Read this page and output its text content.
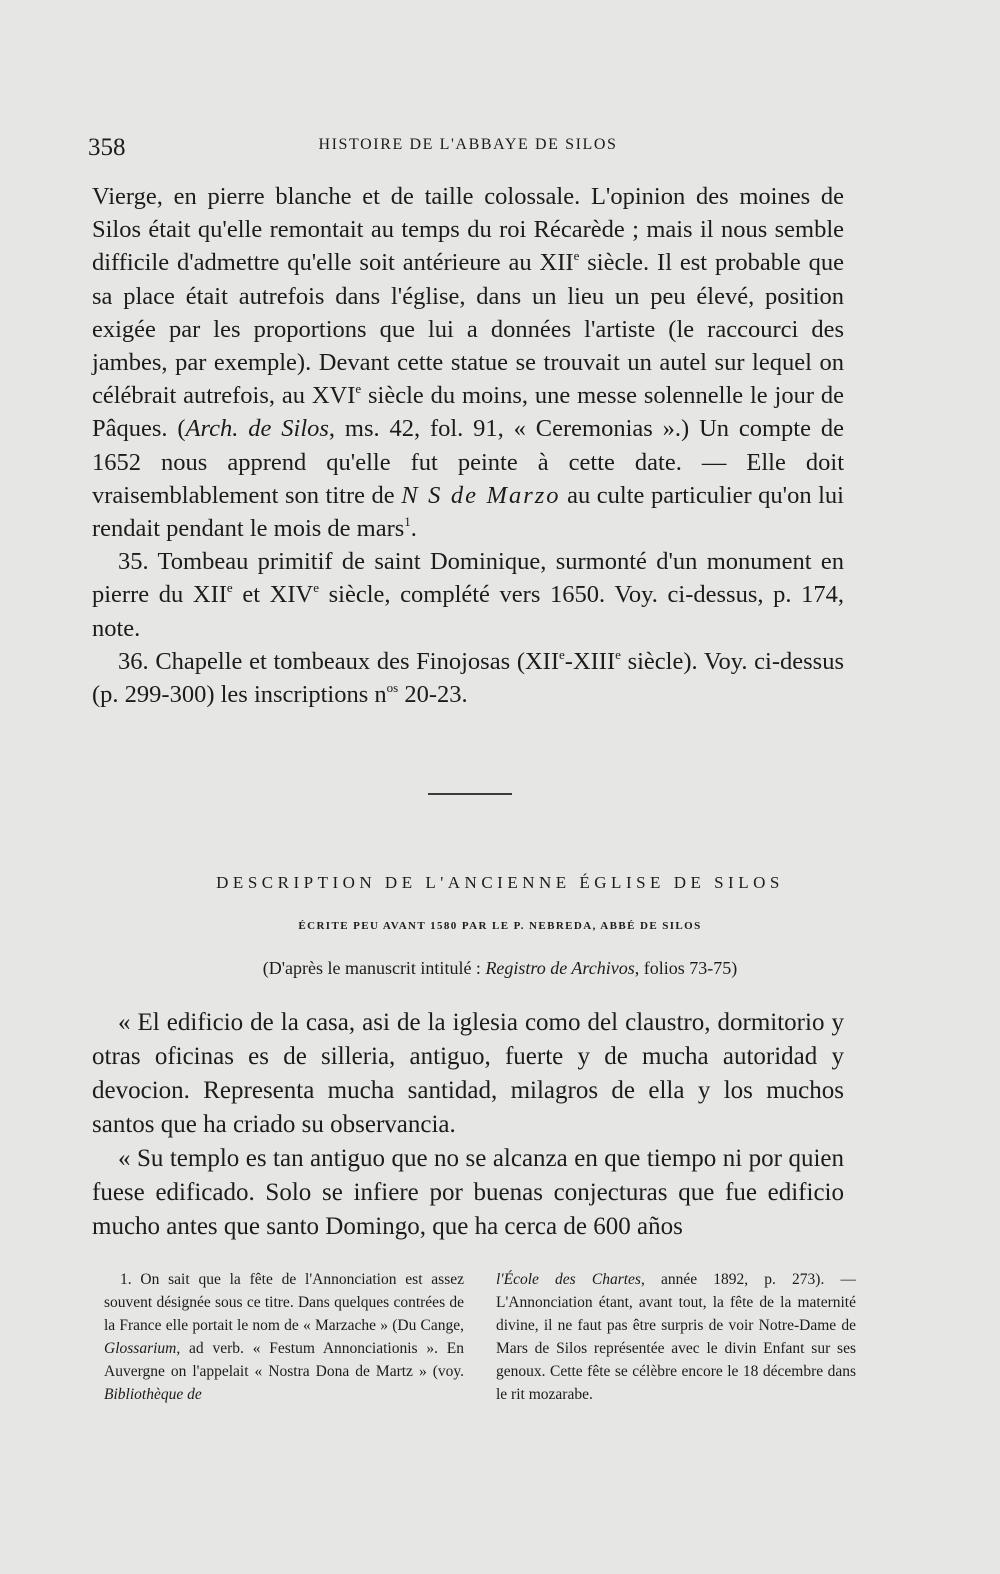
358	HISTOIRE DE L'ABBAYE DE SILOS

Vierge, en pierre blanche et de taille colossale. L'opinion des moines de Silos était qu'elle remontait au temps du roi Récarède ; mais il nous semble difficile d'admettre qu'elle soit antérieure au XIIe siècle. Il est probable que sa place était autrefois dans l'église, dans un lieu un peu élevé, position exigée par les proportions que lui a données l'artiste (le raccourci des jambes, par exemple). Devant cette statue se trouvait un autel sur lequel on célébrait autrefois, au XVIe siècle du moins, une messe solennelle le jour de Pâques. (Arch. de Silos, ms. 42, fol. 91, « Ceremonias ».) Un compte de 1652 nous apprend qu'elle fut peinte à cette date. — Elle doit vraisemblablement son titre de N S de Marzo au culte particulier qu'on lui rendait pendant le mois de mars$^1$.

35. Tombeau primitif de saint Dominique, surmonté d'un monument en pierre du XIIe et XIVe siècle, complété vers 1650. Voy. ci-dessus, p. 174, note.

36. Chapelle et tombeaux des Finojosas (XIIe-XIIIe siècle). Voy. ci-dessus (p. 299-300) les inscriptions $n^{os}$ 20-23.

DESCRIPTION DE L'ANCIENNE ÉGLISE DE SILOS
ÉCRITE PEU AVANT 1580 PAR LE P. NEBREDA, ABBÉ DE SILOS
(D'après le manuscrit intitulé : Registro de Archivos, folios 73-75)

« El edificio de la casa, asi de la iglesia como del claustro, dormitorio y otras oficinas es de silleria, antiguo, fuerte y de mucha autoridad y devocion. Representa mucha santidad, milagros de ella y los muchos santos que ha criado su observancia.

« Su templo es tan antiguo que no se alcanza en que tiempo ni por quien fuese edificado. Solo se infiere por buenas conjecturas que fue edificio mucho antes que santo Domingo, que ha cerca de 600 años

1. On sait que la fête de l'Annonciation est assez souvent désignée sous ce titre. Dans quelques contrées de la France elle portait le nom de « Marzache » (Du Cange, Glossarium, ad verb. « Festum Annonciationis ». En Auvergne on l'appelait « Nostra Dona de Martz » (voy. Bibliothèque de

l'École des Chartes, année 1892, p. 273). — L'Annonciation étant, avant tout, la fête de la maternité divine, il ne faut pas être surpris de voir Notre-Dame de Mars de Silos représentée avec le divin Enfant sur ses genoux. Cette fête se célèbre encore le 18 décembre dans le rit mozarabe.
